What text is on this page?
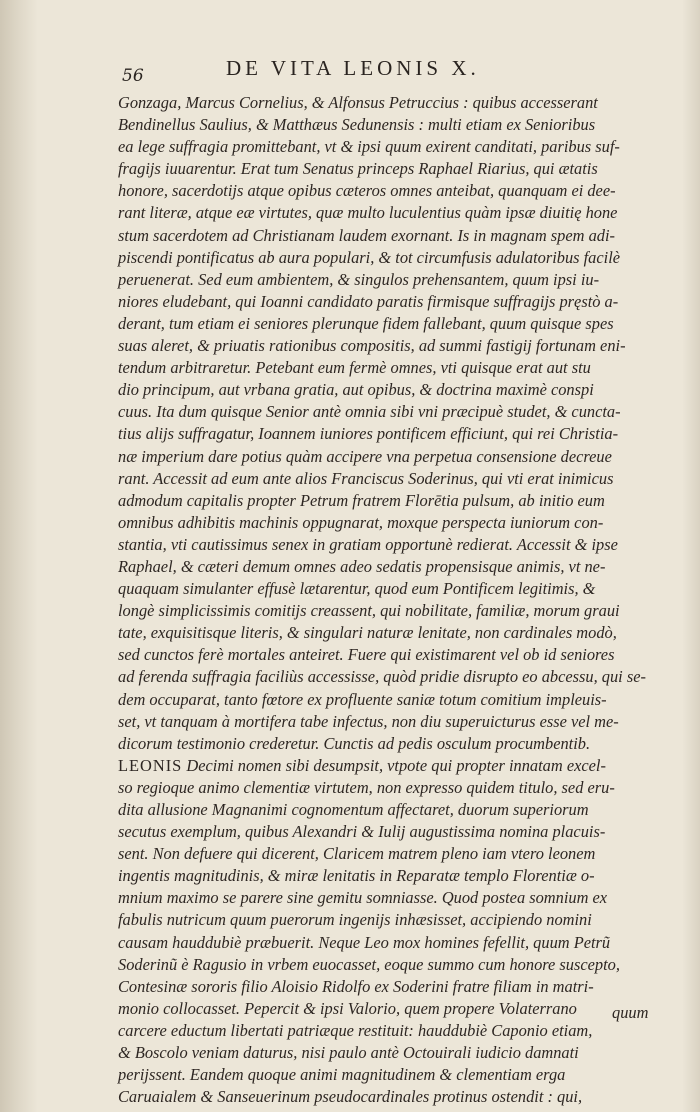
56	DE VITA LEONIS X.
Gonzaga, Marcus Cornelius, & Alfonsus Petruccius : quibus accesserant
Bendinellus Saulius, & Matthæus Sedunensis : multi etiam ex Senioribus
ea lege suffragia promittebant, vt & ipsi quum exirent canditati, paribus suf-
fragijs iuuarentur. Erat tum Senatus princeps Raphael Riarius, qui ætatis
honore, sacerdotijs atque opibus cæteros omnes anteibat, quanquam ei dee-
rant literæ, atque eæ virtutes, quæ multo luculentius quàm ipsæ diuitię hone
stum sacerdotem ad Christianam laudem exornant. Is in magnam spem adi-
piscendi pontificatus ab aura populari, & tot circumfusis adulatoribus facilè
peruenerat. Sed eum ambientem, & singulos prehensantem, quum ipsi iu-
niores eludebant, qui Ioanni candidato paratis firmisque suffragijs pręstò a-
derant, tum etiam ei seniores plerunque fidem fallebant, quum quisque spes
suas aleret, & priuatis rationibus compositis, ad summi fastigij fortunam eni-
tendum arbitraretur. Petebant eum fermè omnes, vti quisque erat aut stu
dio principum, aut vrbana gratia, aut opibus, & doctrina maximè conspi
cuus. Ita dum quisque Senior antè omnia sibi vni præcipuè studet, & cuncta-
tius alijs suffragatur, Ioannem iuniores pontificem efficiunt, qui rei Christia-
næ imperium dare potius quàm accipere vna perpetua consensione decreue
rant. Accessit ad eum ante alios Franciscus Soderinus, qui vti erat inimicus
admodum capitalis propter Petrum fratrem Florētia pulsum, ab initio eum
omnibus adhibitis machinis oppugnarat, moxque perspecta iuniorum con-
stantia, vti cautissimus senex in gratiam opportunè redierat. Accessit & ipse
Raphael, & cæteri demum omnes adeo sedatis propensisque animis, vt ne-
quaquam simulanter effusè lætarentur, quod eum Pontificem legitimis, &
longè simplicissimis comitijs creassent, qui nobilitate, familiæ, morum graui
tate, exquisitisque literis, & singulari naturæ lenitate, non cardinales modò,
sed cunctos ferè mortales anteiret. Fuere qui existimarent vel ob id seniores
ad ferenda suffragia faciliùs accessisse, quòd pridie disrupto eo abcessu, qui se-
dem occuparat, tanto fœtore ex profluente saniæ totum comitium impleuis-
set, vt tanquam à mortifera tabe infectus, non diu superuicturus esse vel me-
dicorum testimonio crederetur. Cunctis ad pedis osculum procumbentib.
LEONIS Decimi nomen sibi desumpsit, vtpote qui propter innatam excel-
so regioque animo clementiæ virtutem, non expresso quidem titulo, sed eru-
dita allusione Magnanimi cognomentum affectaret, duorum superiorum
secutus exemplum, quibus Alexandri & Iulij augustissima nomina placuis-
sent. Non defuere qui dicerent, Claricem matrem pleno iam vtero leonem
ingentis magnitudinis, & miræ lenitatis in Reparatæ templo Florentiæ o-
mnium maximo se parere sine gemitu somniasse. Quod postea somnium ex
fabulis nutricum quum puerorum ingenijs inhæsisset, accipiendo nomini
causam hauddubiè præbuerit. Neque Leo mox homines fefellit, quum Petrũ
Soderinũ è Ragusio in vrbem euocasset, eoque summo cum honore suscepto,
Contesinæ sororis filio Aloisio Ridolfo ex Soderini fratre filiam in matri-
monio collocasset. Pepercit & ipsi Valorio, quem propere Volaterrano
carcere eductum libertati patriæque restituit: hauddubiè Caponio etiam,
& Boscolo veniam daturus, nisi paulo antè Octouirali iudicio damnati
perijssent. Eandem quoque animi magnitudinem & clementiam erga
Caruaialem & Sanseuerinum pseudocardinales protinus ostendit : qui,
quum
